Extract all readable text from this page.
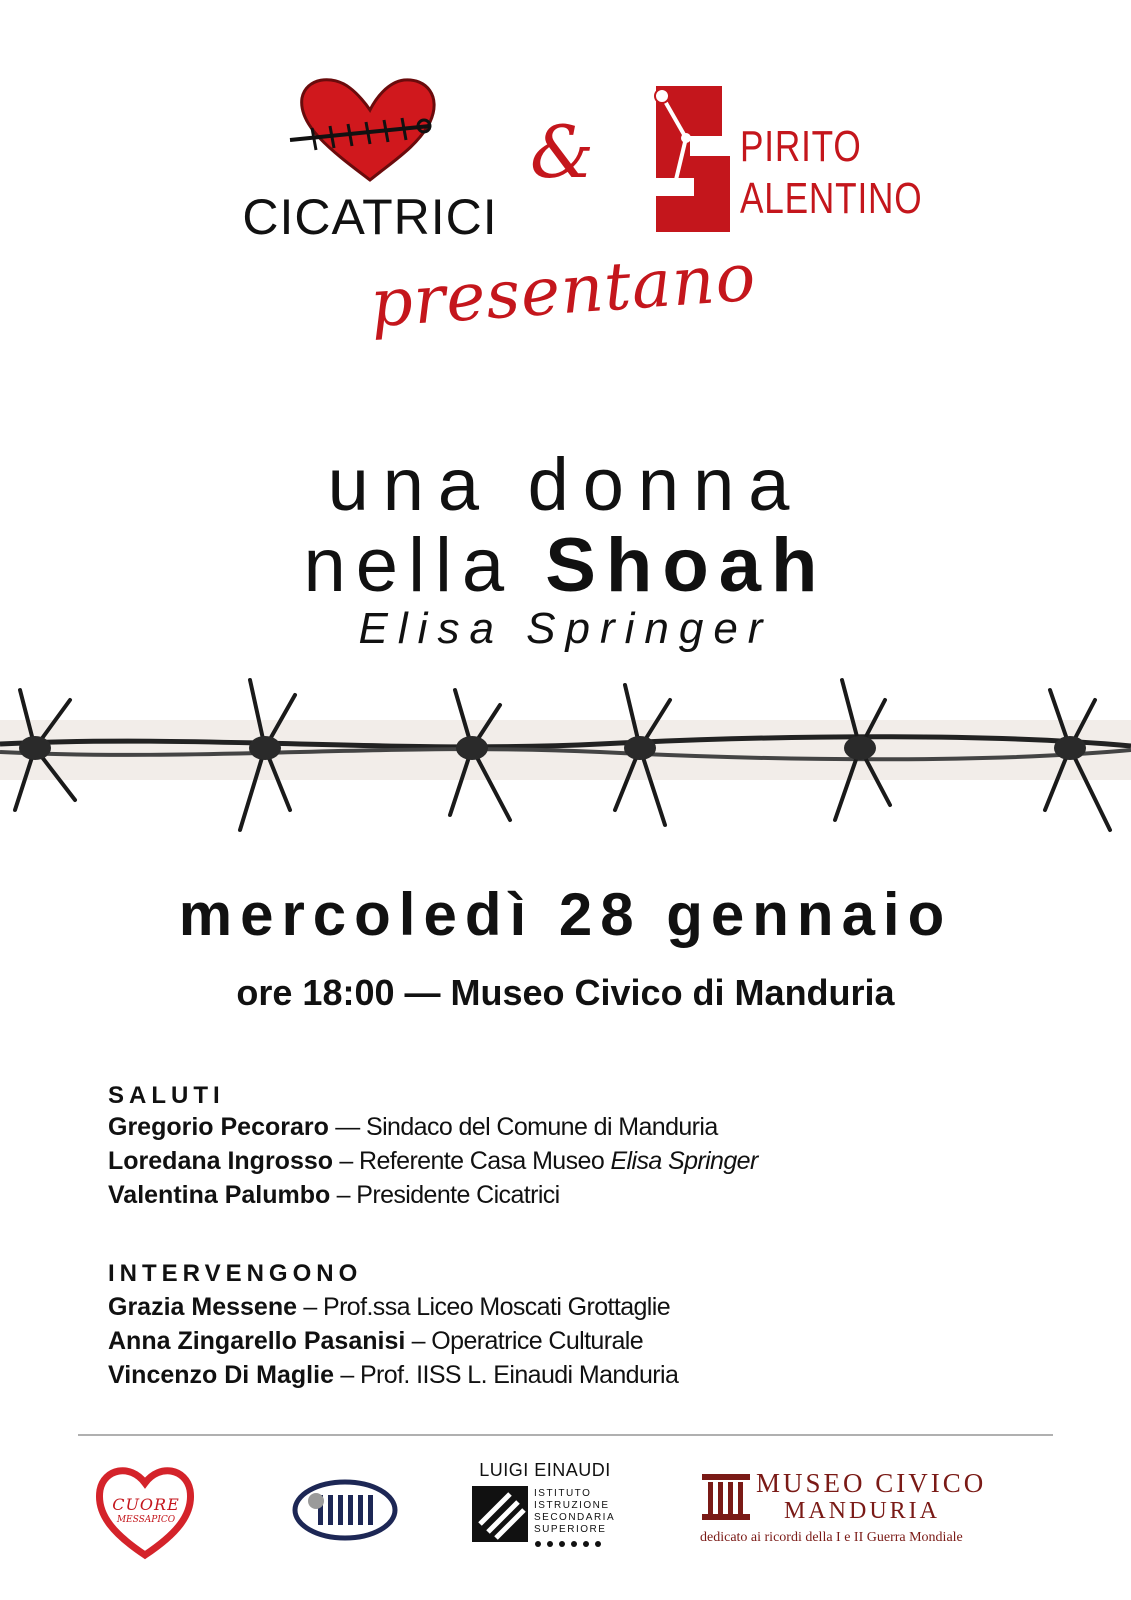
CICATRICI
&	PIRITO
ALENTINO
presentano
una donna
nella Shoah
Elisa Springer
mercoledì 28 gennaio
ore 18:00 — Museo Civico di Manduria
SALUTI
Gregorio Pecoraro — Sindaco del Comune di Manduria
Loredana Ingrosso – Referente Casa Museo Elisa Springer
Valentina Palumbo – Presidente Cicatrici
INTERVENGONO
Grazia Messene – Prof.ssa Liceo Moscati Grottaglie
Anna Zingarello Pasanisi – Operatrice Culturale
Vincenzo Di Maglie – Prof. IISS L. Einaudi Manduria
CUORE
MESSAPICO
LUIGI EINAUDI
ISTITUTO
ISTRUZIONE
SECONDARIA
SUPERIORE
MUSEO CIVICO
MANDURIA
dedicato ai ricordi della I e II Guerra Mondiale
